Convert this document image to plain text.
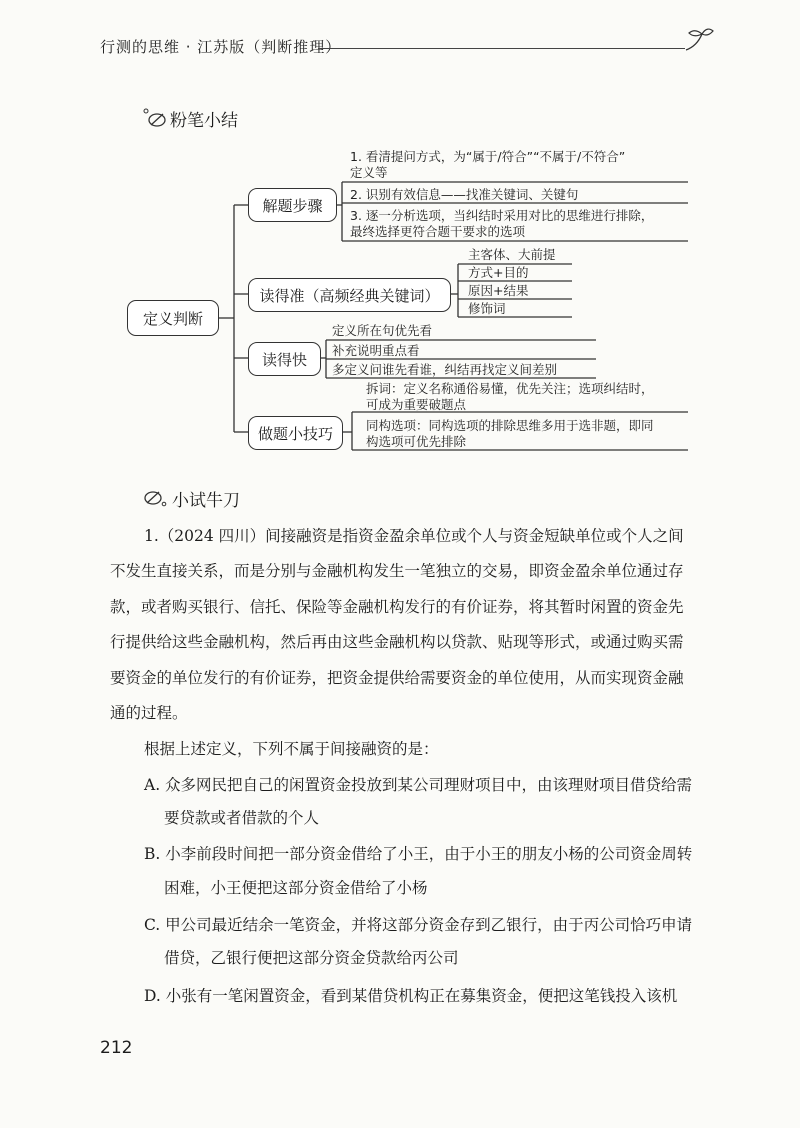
行测的思维 · 江苏版（判断推理）
粉笔小结
定义判断
解题步骤
读得准（高频经典关键词）
读得快
做题小技巧
1. 看清提问方式，为“属于/符合”“不属于/不符合”
定义等
2. 识别有效信息——找准关键词、关键句
3. 逐一分析选项，当纠结时采用对比的思维进行排除，
最终选择更符合题干要求的选项
主客体、大前提
方式+目的
原因+结果
修饰词
定义所在句优先看
补充说明重点看
多定义问谁先看谁，纠结再找定义间差别
拆词：定义名称通俗易懂，优先关注；选项纠结时，
可成为重要破题点
同构选项：同构选项的排除思维多用于选非题，即同
构选项可优先排除
小试牛刀
1.（2024 四川）间接融资是指资金盈余单位或个人与资金短缺单位或个人之间
不发生直接关系，而是分别与金融机构发生一笔独立的交易，即资金盈余单位通过存
款，或者购买银行、信托、保险等金融机构发行的有价证券，将其暂时闲置的资金先
行提供给这些金融机构，然后再由这些金融机构以贷款、贴现等形式，或通过购买需
要资金的单位发行的有价证券，把资金提供给需要资金的单位使用，从而实现资金融
通的过程。
根据上述定义，下列不属于间接融资的是：
A. 众多网民把自己的闲置资金投放到某公司理财项目中，由该理财项目借贷给需
要贷款或者借款的个人
B. 小李前段时间把一部分资金借给了小王，由于小王的朋友小杨的公司资金周转
困难，小王便把这部分资金借给了小杨
C. 甲公司最近结余一笔资金，并将这部分资金存到乙银行，由于丙公司恰巧申请
借贷，乙银行便把这部分资金贷款给丙公司
D. 小张有一笔闲置资金，看到某借贷机构正在募集资金，便把这笔钱投入该机
212
